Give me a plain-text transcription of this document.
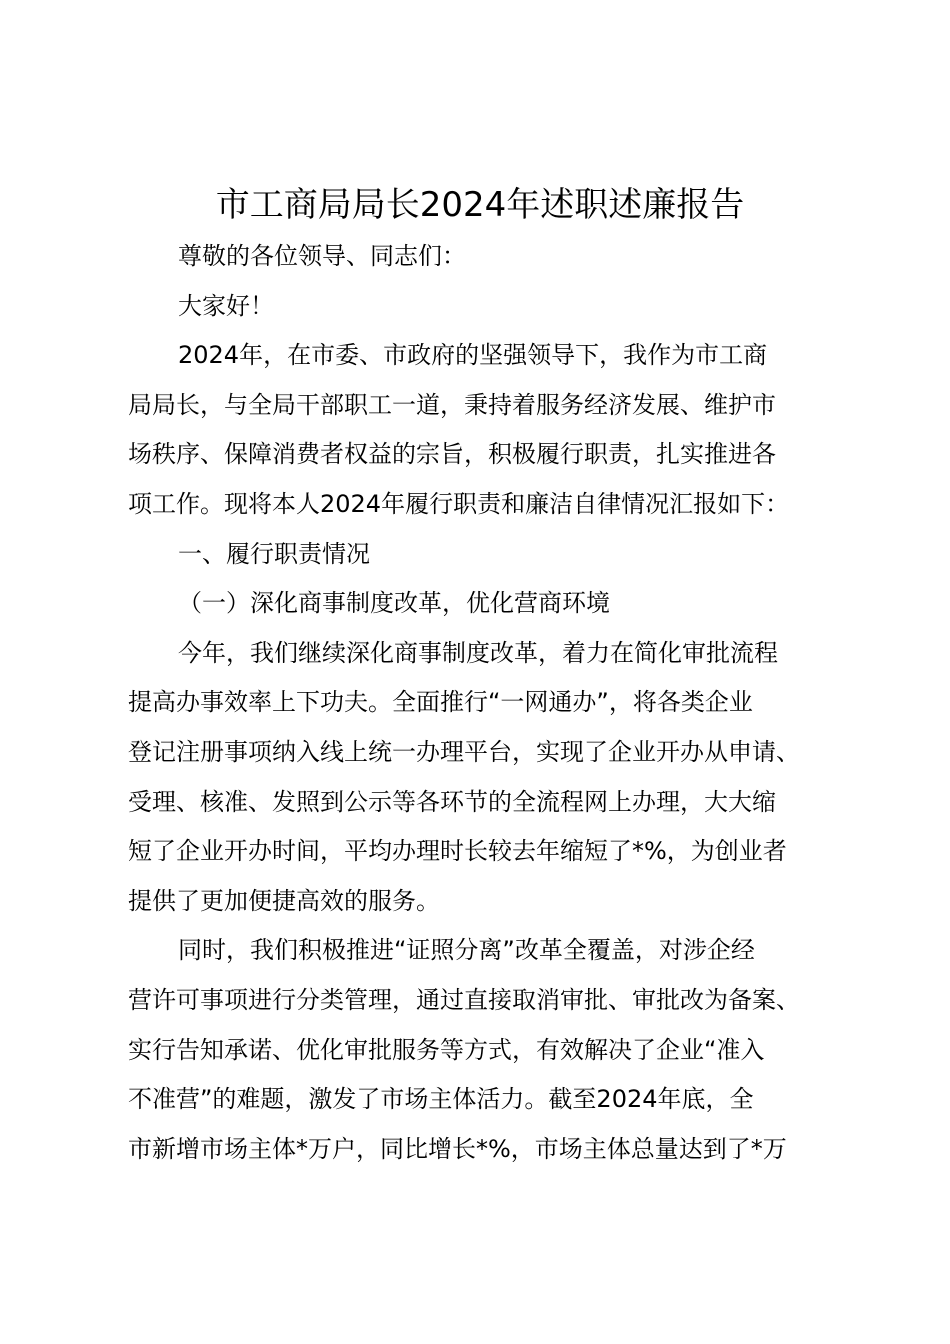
市工商局局长2024年述职述廉报告
尊敬的各位领导、同志们：
大家好！
2024年，在市委、市政府的坚强领导下，我作为市工商
局局长，与全局干部职工一道，秉持着服务经济发展、维护市
场秩序、保障消费者权益的宗旨，积极履行职责，扎实推进各
项工作。现将本人2024年履行职责和廉洁自律情况汇报如下：
一、履行职责情况
（一）深化商事制度改革，优化营商环境
今年，我们继续深化商事制度改革，着力在简化审批流程
提高办事效率上下功夫。全面推行“一网通办”，将各类企业
登记注册事项纳入线上统一办理平台，实现了企业开办从申请、
受理、核准、发照到公示等各环节的全流程网上办理，大大缩
短了企业开办时间，平均办理时长较去年缩短了*%，为创业者
提供了更加便捷高效的服务。
同时，我们积极推进“证照分离”改革全覆盖，对涉企经
营许可事项进行分类管理，通过直接取消审批、审批改为备案、
实行告知承诺、优化审批服务等方式，有效解决了企业“准入
不准营”的难题，激发了市场主体活力。截至2024年底，全
市新增市场主体*万户，同比增长*%，市场主体总量达到了*万
